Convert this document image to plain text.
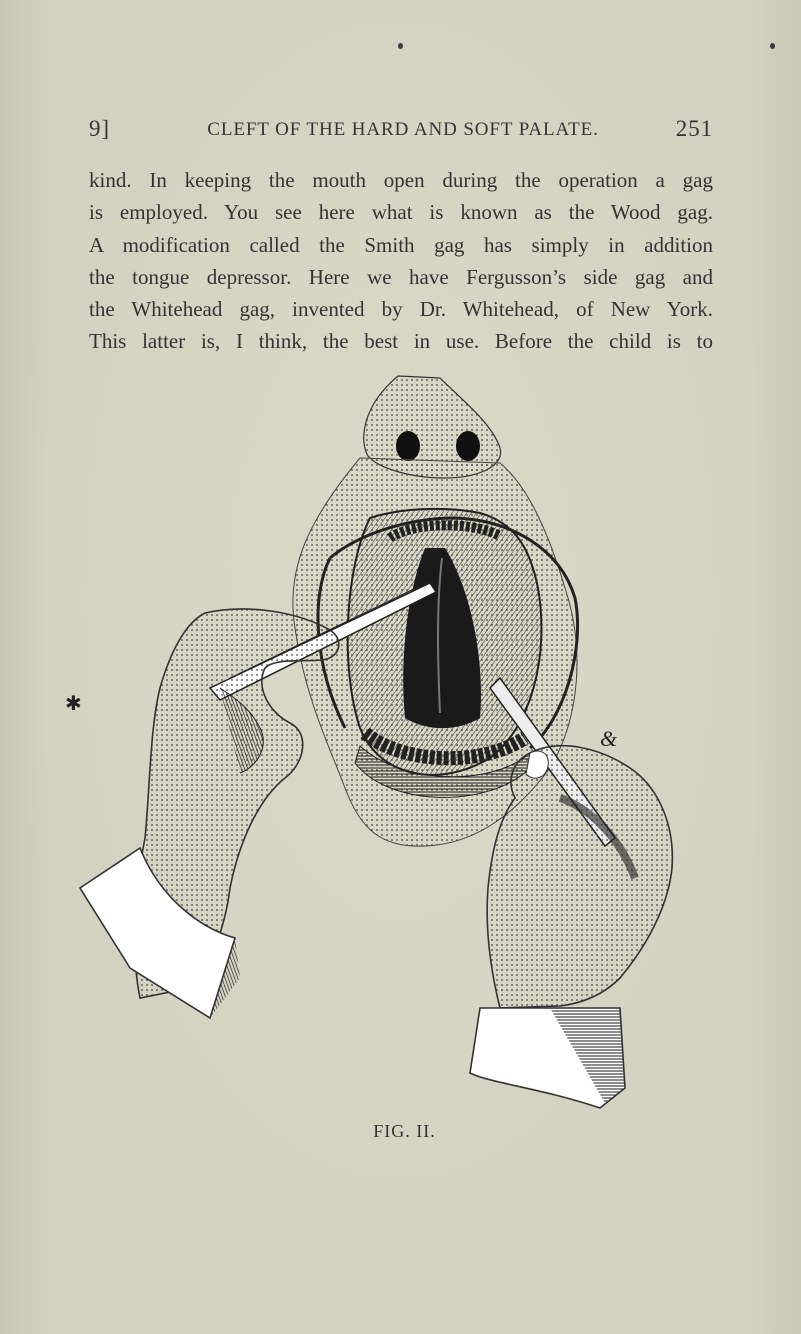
9]	CLEFT OF THE HARD AND SOFT PALATE.	251
kind. In keeping the mouth open during the operation a gag
is employed. You see here what is known as the Wood gag.
A modification called the Smith gag has simply in addition
the tongue depressor. Here we have Fergusson’s side gag and
the Whitehead gag, invented by Dr. Whitehead, of New York.
This latter is, I think, the best in use. Before the child is to
✱
&
FIG. II.
